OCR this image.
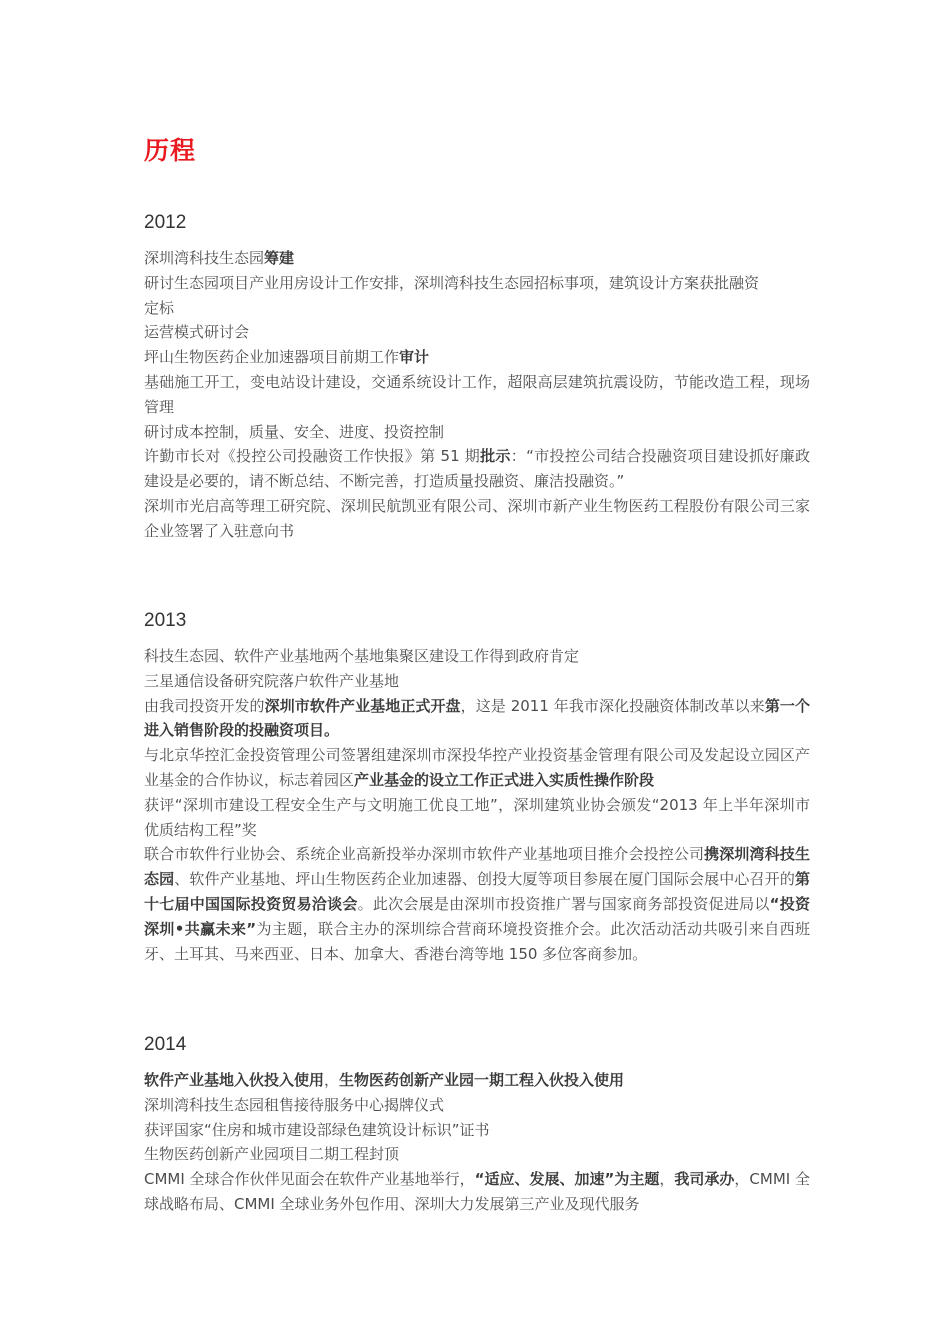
历程
2012

深圳湾科技生态园筹建

研讨生态园项目产业用房设计工作安排，深圳湾科技生态园招标事项，建筑设计方案获批融资

定标

运营模式研讨会

坪山生物医药企业加速器项目前期工作审计

基础施工开工，变电站设计建设，交通系统设计工作，超限高层建筑抗震设防，节能改造工程，现场管理

研讨成本控制，质量、安全、进度、投资控制

许勤市长对《投控公司投融资工作快报》第 51 期批示：“市投控公司结合投融资项目建设抓好廉政建设是必要的，请不断总结、不断完善，打造质量投融资、廉洁投融资。”

深圳市光启高等理工研究院、深圳民航凯亚有限公司、深圳市新产业生物医药工程股份有限公司三家企业签署了入驻意向书

2013

科技生态园、软件产业基地两个基地集聚区建设工作得到政府肯定

三星通信设备研究院落户软件产业基地

由我司投资开发的深圳市软件产业基地正式开盘，这是 2011 年我市深化投融资体制改革以来第一个进入销售阶段的投融资项目。

与北京华控汇金投资管理公司签署组建深圳市深投华控产业投资基金管理有限公司及发起设立园区产业基金的合作协议，标志着园区产业基金的设立工作正式进入实质性操作阶段

获评“深圳市建设工程安全生产与文明施工优良工地”，深圳建筑业协会颁发“2013 年上半年深圳市优质结构工程”奖

联合市软件行业协会、系统企业高新投举办深圳市软件产业基地项目推介会投控公司携深圳湾科技生态园、软件产业基地、坪山生物医药企业加速器、创投大厦等项目参展在厦门国际会展中心召开的第十七届中国国际投资贸易洽谈会。此次会展是由深圳市投资推广署与国家商务部投资促进局以“投资深圳•共赢未来”为主题，联合主办的深圳综合营商环境投资推介会。此次活动活动共吸引来自西班牙、土耳其、马来西亚、日本、加拿大、香港台湾等地 150 多位客商参加。

2014

软件产业基地入伙投入使用，生物医药创新产业园一期工程入伙投入使用

深圳湾科技生态园租售接待服务中心揭牌仪式

获评国家“住房和城市建设部绿色建筑设计标识”证书

生物医药创新产业园项目二期工程封顶

CMMI 全球合作伙伴见面会在软件产业基地举行，“适应、发展、加速”为主题，我司承办，CMMI 全球战略布局、CMMI 全球业务外包作用、深圳大力发展第三产业及现代服务
